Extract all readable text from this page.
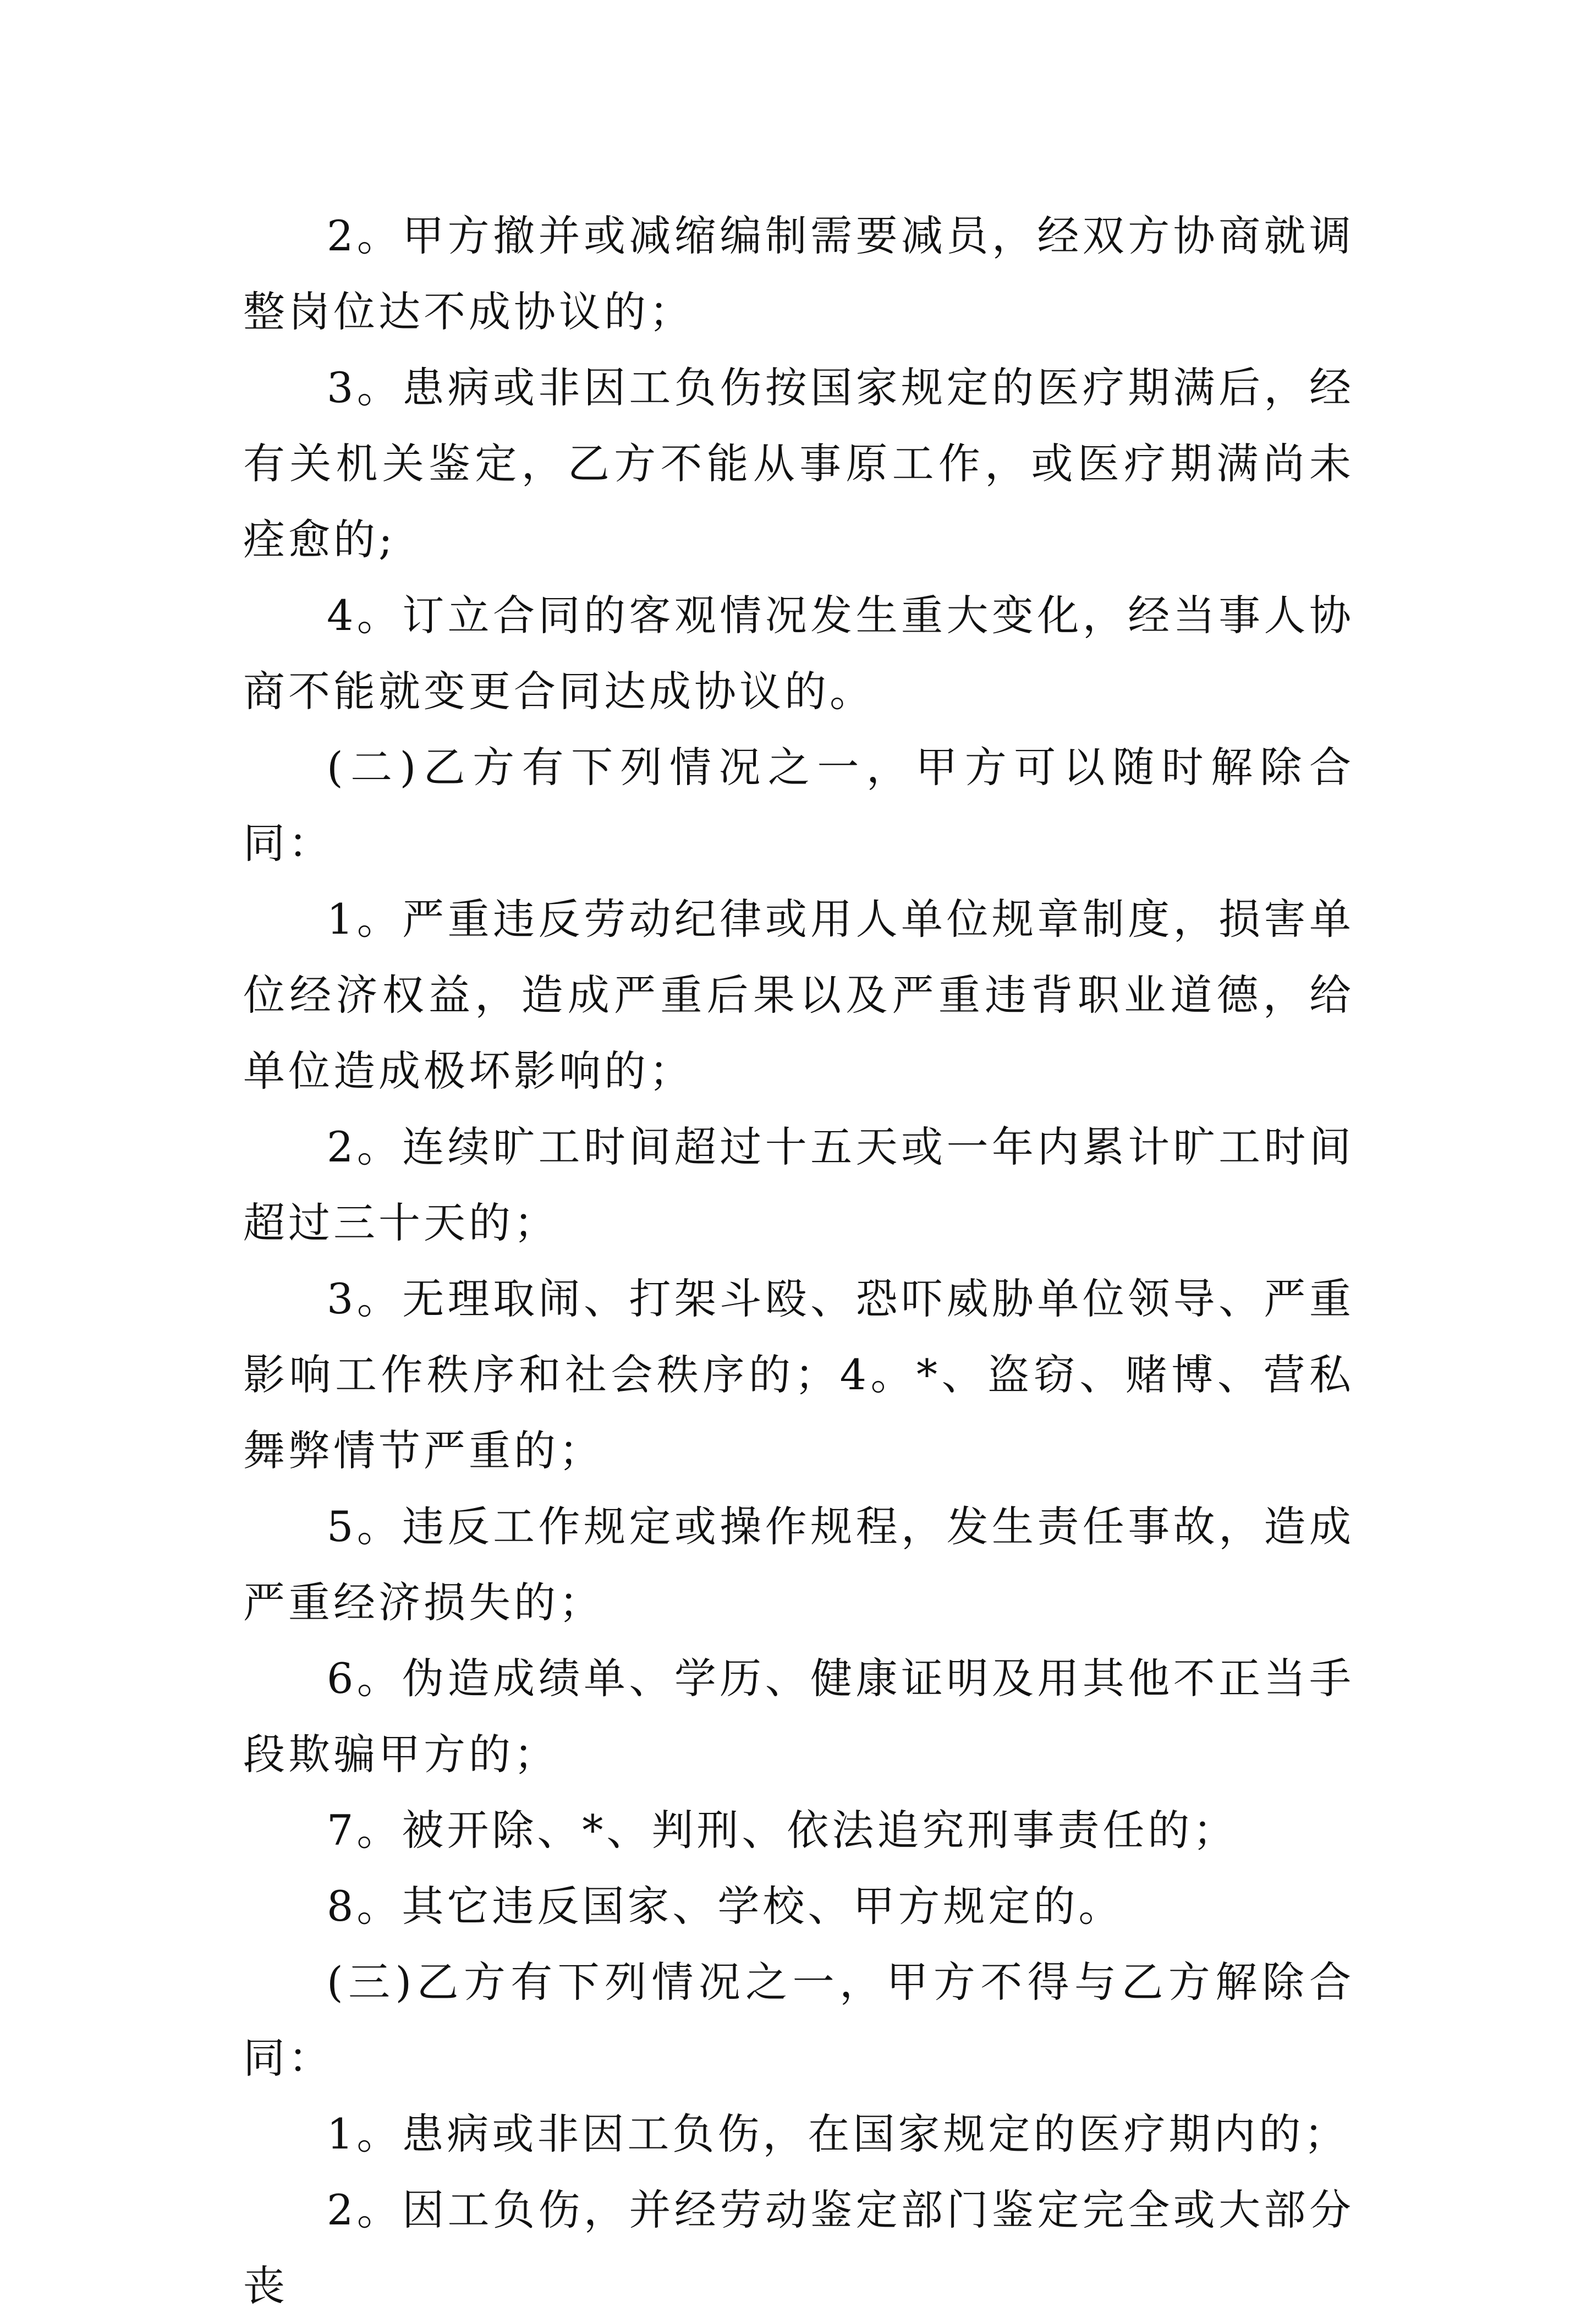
2。甲方撤并或减缩编制需要减员，经双方协商就调整岗位达不成协议的；

3。患病或非因工负伤按国家规定的医疗期满后，经有关机关鉴定，乙方不能从事原工作，或医疗期满尚未痊愈的;

4。订立合同的客观情况发生重大变化，经当事人协商不能就变更合同达成协议的。

(二)乙方有下列情况之一，甲方可以随时解除合同：

1。严重违反劳动纪律或用人单位规章制度，损害单位经济权益，造成严重后果以及严重违背职业道德，给单位造成极坏影响的；

2。连续旷工时间超过十五天或一年内累计旷工时间超过三十天的；

3。无理取闹、打架斗殴、恐吓威胁单位领导、严重影响工作秩序和社会秩序的；4。*、盗窃、赌博、营私舞弊情节严重的；

5。违反工作规定或操作规程，发生责任事故，造成严重经济损失的；

6。伪造成绩单、学历、健康证明及用其他不正当手段欺骗甲方的；

7。被开除、*、判刑、依法追究刑事责任的；

8。其它违反国家、学校、甲方规定的。

(三)乙方有下列情况之一，甲方不得与乙方解除合同：

1。患病或非因工负伤，在国家规定的医疗期内的；

2。因工负伤，并经劳动鉴定部门鉴定完全或大部分丧
